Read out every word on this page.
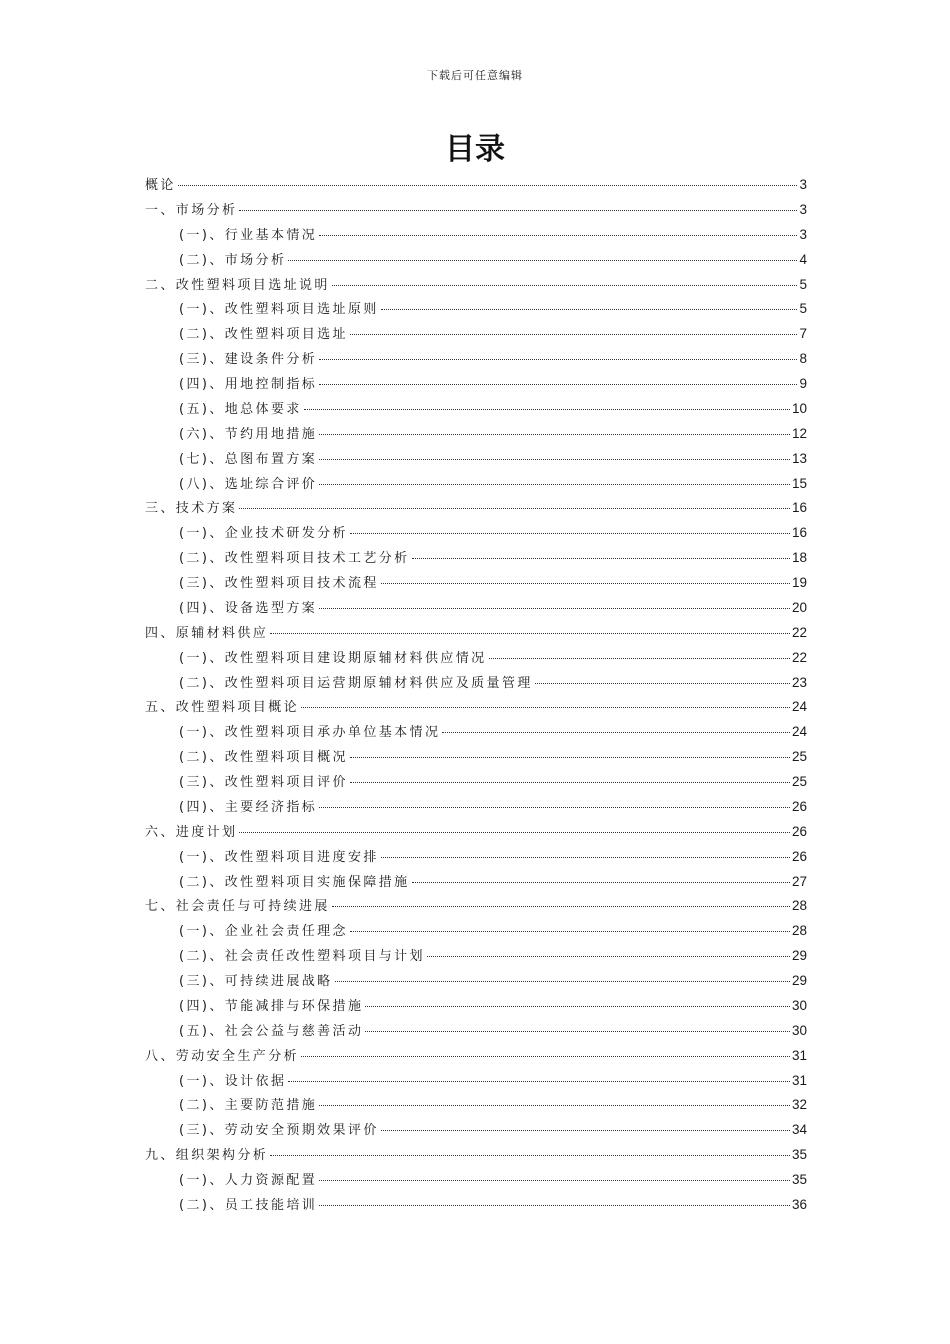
下载后可任意编辑
目录
概论	3
一、市场分析	3
(一)、行业基本情况	3
(二)、市场分析	4
二、改性塑料项目选址说明	5
(一)、改性塑料项目选址原则	5
(二)、改性塑料项目选址	7
(三)、建设条件分析	8
(四)、用地控制指标	9
(五)、地总体要求	10
(六)、节约用地措施	12
(七)、总图布置方案	13
(八)、选址综合评价	15
三、技术方案	16
(一)、企业技术研发分析	16
(二)、改性塑料项目技术工艺分析	18
(三)、改性塑料项目技术流程	19
(四)、设备选型方案	20
四、原辅材料供应	22
(一)、改性塑料项目建设期原辅材料供应情况	22
(二)、改性塑料项目运营期原辅材料供应及质量管理	23
五、改性塑料项目概论	24
(一)、改性塑料项目承办单位基本情况	24
(二)、改性塑料项目概况	25
(三)、改性塑料项目评价	25
(四)、主要经济指标	26
六、进度计划	26
(一)、改性塑料项目进度安排	26
(二)、改性塑料项目实施保障措施	27
七、社会责任与可持续进展	28
(一)、企业社会责任理念	28
(二)、社会责任改性塑料项目与计划	29
(三)、可持续进展战略	29
(四)、节能减排与环保措施	30
(五)、社会公益与慈善活动	30
八、劳动安全生产分析	31
(一)、设计依据	31
(二)、主要防范措施	32
(三)、劳动安全预期效果评价	34
九、组织架构分析	35
(一)、人力资源配置	35
(二)、员工技能培训	36
